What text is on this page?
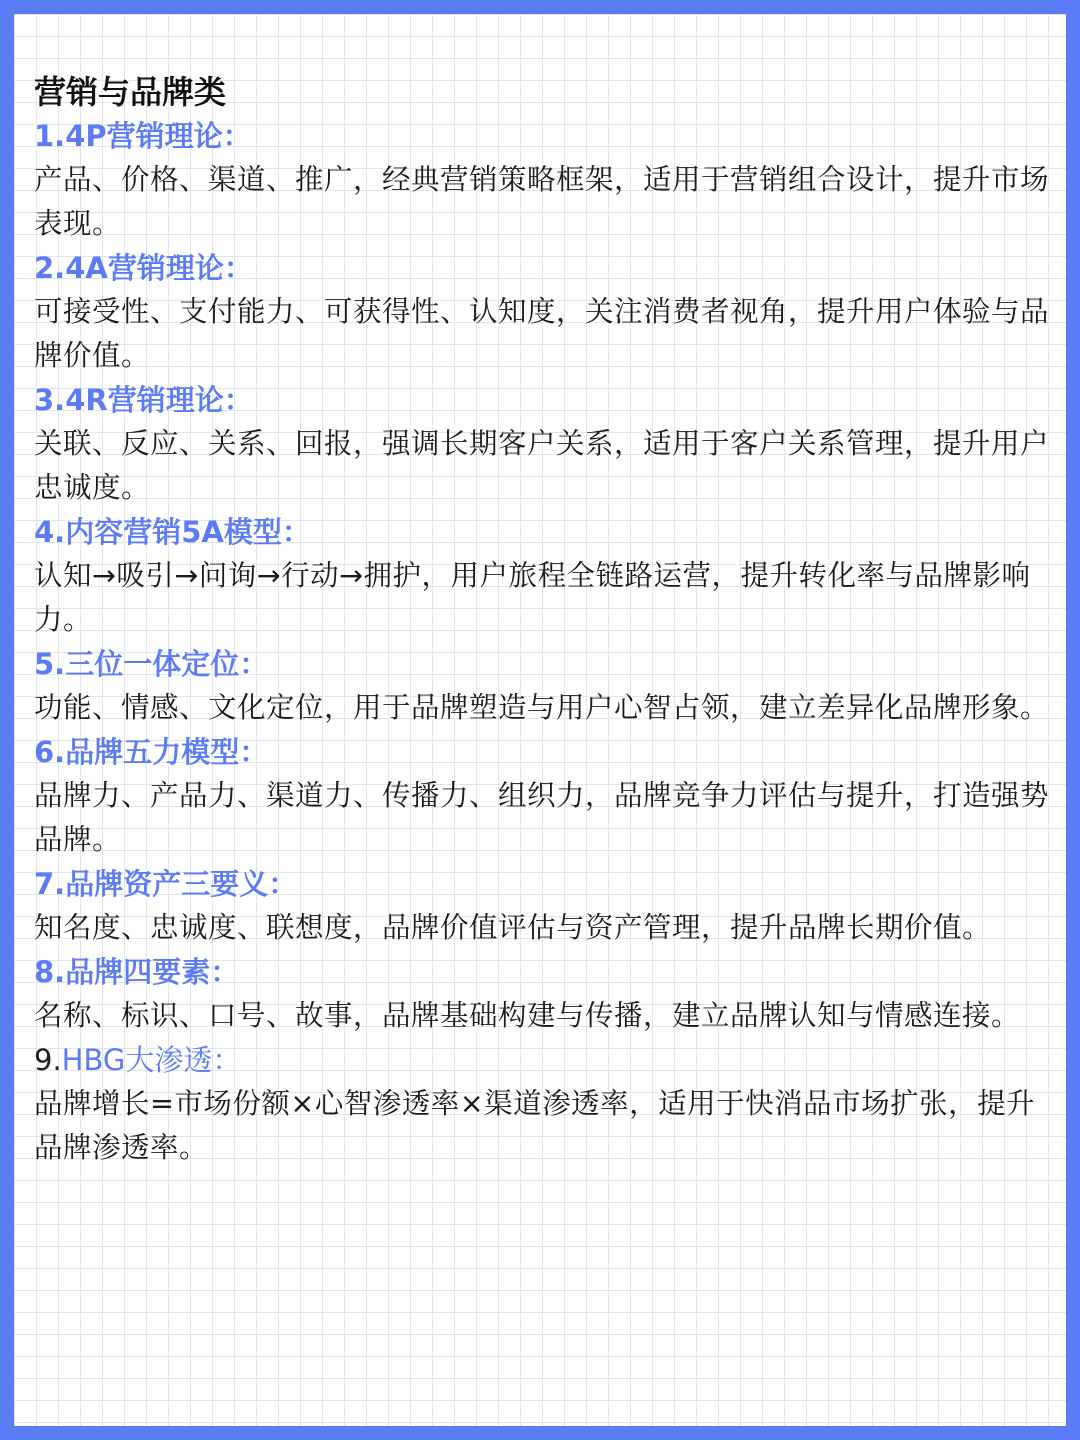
营销与品牌类
1.4P营销理论：
产品、价格、渠道、推广，经典营销策略框架，适用于营销组合设计，提升市场表现。
2.4A营销理论：
可接受性、支付能力、可获得性、认知度，关注消费者视角，提升用户体验与品牌价值。
3.4R营销理论：
关联、反应、关系、回报，强调长期客户关系，适用于客户关系管理，提升用户忠诚度。
4.内容营销5A模型：
认知→吸引→问询→行动→拥护，用户旅程全链路运营，提升转化率与品牌影响力。
5.三位一体定位：
功能、情感、文化定位，用于品牌塑造与用户心智占领，建立差异化品牌形象。
6.品牌五力模型：
品牌力、产品力、渠道力、传播力、组织力，品牌竞争力评估与提升，打造强势品牌。
7.品牌资产三要义：
知名度、忠诚度、联想度，品牌价值评估与资产管理，提升品牌长期价值。
8.品牌四要素：
名称、标识、口号、故事，品牌基础构建与传播，建立品牌认知与情感连接。
9.HBG大渗透：
品牌增长=市场份额×心智渗透率×渠道渗透率，适用于快消品市场扩张，提升品牌渗透率。
